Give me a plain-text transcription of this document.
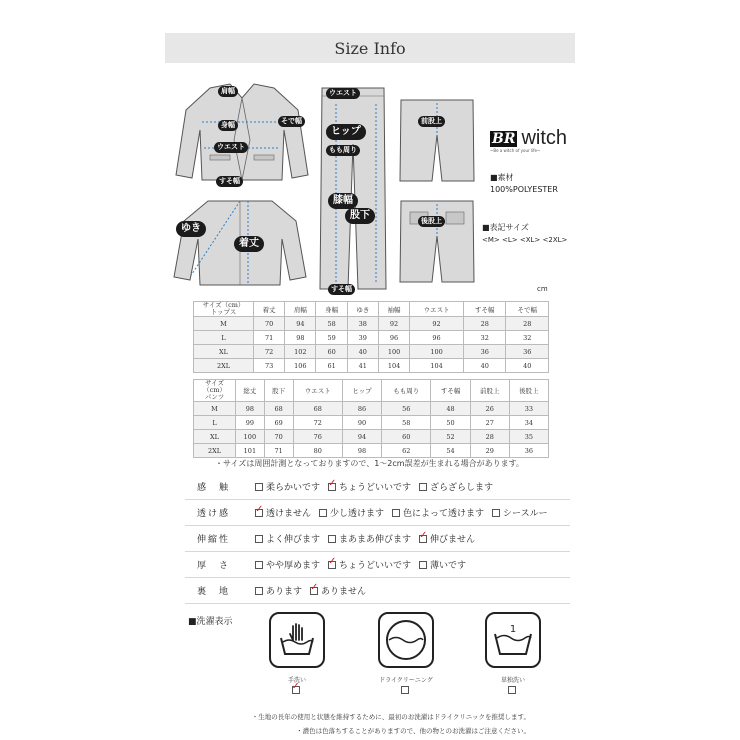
Size Info
肩幅
身幅	そで幅
ウエスト
すそ幅
ゆき
着丈
ウエスト
ヒップ
もも周り
膝幅
股下
すそ幅
前股上
後股上
BR witch
~Be a witch of your life~
■素材
100%POLYESTER
■表記サイズ
<M> <L> <XL> <2XL>
cm
サイズ（cm）
トップス	着丈	肩幅	身幅	ゆき	袖幅	ウエスト	すそ幅	そで幅
M	70	94	58	38	92	92	28	28
L	71	98	59	39	96	96	32	32
XL	72	102	60	40	100	100	36	36
2XL	73	106	61	41	104	104	40	40
サイズ（cm）
パンツ	総丈	股下	ウエスト	ヒップ	もも周り	すそ幅	前股上	後股上
M	98	68	68	86	56	48	26	33
L	99	69	72	90	58	50	27	34
XL	100	70	76	94	60	52	28	35
2XL	101	71	80	98	62	54	29	36
・サイズは周囲計測となっておりますので、1〜2cm誤差が生まれる場合があります。
感　触	柔らかいです ✓ ちょうどいいです ざらざらします
透け感 ✓	透けません 少し透けます 色によって透けます シースルー
伸縮性	よく伸びます まあまあ伸びます ✓ 伸びません
厚　さ	やや厚めます ✓ ちょうどいいです 薄いです
裏　地	あります ✓ ありません
■洗濯表示
手洗い
✓	ドライクリーニング
1
単独洗い
・生地の長年の使用と状態を維持するために、最初のお洗濯はドライクリニックを推奨します。
・濃色は色落ちすることがありますので、他の物とのお洗濯はご注意ください。
